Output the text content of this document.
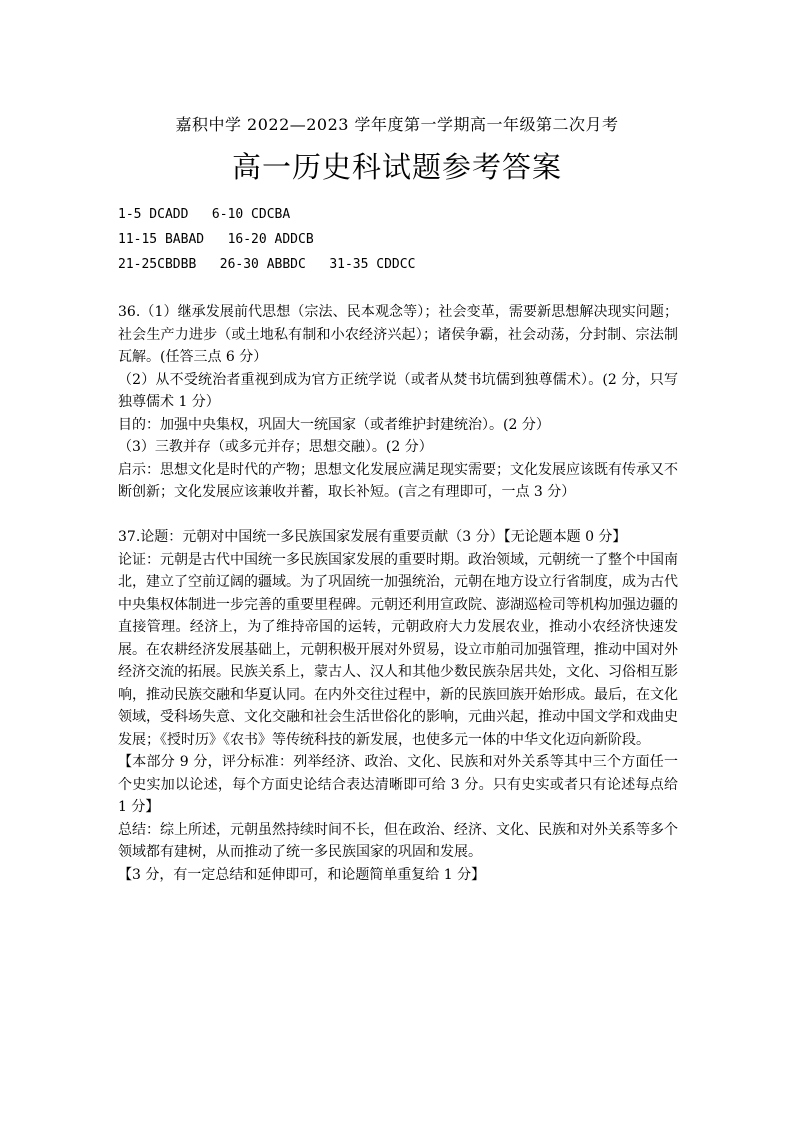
嘉积中学 2022—2023 学年度第一学期高一年级第二次月考
高一历史科试题参考答案
1-5 DCADD   6-10 CDCBA
11-15 BABAD   16-20 ADDCB
21-25CBDBB   26-30 ABBDC   31-35 CDDCC

36.（1）继承发展前代思想（宗法、民本观念等）；社会变革，需要新思想解决现实问题；社会生产力进步（或土地私有制和小农经济兴起）；诸侯争霸，社会动荡，分封制、宗法制瓦解。(任答三点 6 分）

（2）从不受统治者重视到成为官方正统学说（或者从焚书坑儒到独尊儒术）。(2 分，只写独尊儒术 1 分）

目的：加强中央集权，巩固大一统国家（或者维护封建统治）。(2 分）

（3）三教并存（或多元并存；思想交融）。(2 分）

启示：思想文化是时代的产物；思想文化发展应满足现实需要；文化发展应该既有传承又不断创新；文化发展应该兼收并蓄，取长补短。(言之有理即可，一点 3 分）

37.论题：元朝对中国统一多民族国家发展有重要贡献（3 分）【无论题本题 0 分】

论证：元朝是古代中国统一多民族国家发展的重要时期。政治领域，元朝统一了整个中国南北，建立了空前辽阔的疆域。为了巩固统一加强统治，元朝在地方设立行省制度，成为古代中央集权体制进一步完善的重要里程碑。元朝还利用宣政院、澎湖巡检司等机构加强边疆的直接管理。经济上，为了维持帝国的运转，元朝政府大力发展农业，推动小农经济快速发展。在农耕经济发展基础上，元朝积极开展对外贸易，设立市舶司加强管理，推动中国对外经济交流的拓展。民族关系上，蒙古人、汉人和其他少数民族杂居共处，文化、习俗相互影响，推动民族交融和华夏认同。在内外交往过程中，新的民族回族开始形成。最后，在文化领域，受科场失意、文化交融和社会生活世俗化的影响，元曲兴起，推动中国文学和戏曲史发展；《授时历》《农书》等传统科技的新发展，也使多元一体的中华文化迈向新阶段。

【本部分 9 分，评分标准：列举经济、政治、文化、民族和对外关系等其中三个方面任一个史实加以论述，每个方面史论结合表达清晰即可给 3 分。只有史实或者只有论述每点给 1 分】

总结：综上所述，元朝虽然持续时间不长，但在政治、经济、文化、民族和对外关系等多个领域都有建树，从而推动了统一多民族国家的巩固和发展。

【3 分，有一定总结和延伸即可，和论题简单重复给 1 分】
